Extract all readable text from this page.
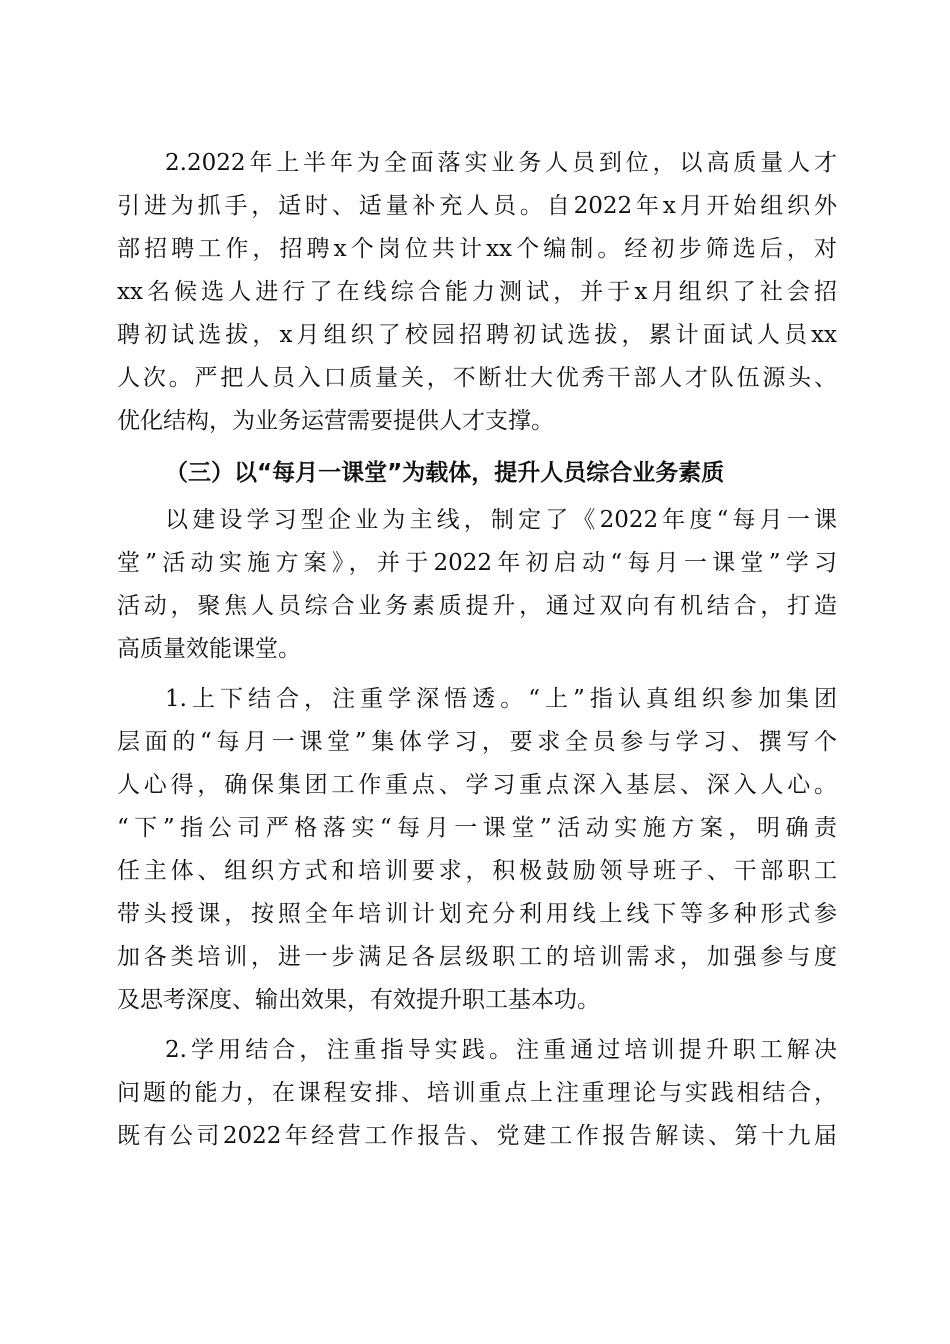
2.2022年上半年为全面落实业务人员到位，以高质量人才
引进为抓手，适时、适量补充人员。自2022年x月开始组织外
部招聘工作，招聘x个岗位共计xx个编制。经初步筛选后，对
xx名候选人进行了在线综合能力测试，并于x月组织了社会招
聘初试选拔，x月组织了校园招聘初试选拔，累计面试人员xx
人次。严把人员入口质量关，不断壮大优秀干部人才队伍源头、
优化结构，为业务运营需要提供人才支撑。
（三）以“每月一课堂”为载体，提升人员综合业务素质
以建设学习型企业为主线，制定了《2022年度“每月一课
堂”活动实施方案》，并于2022年初启动“每月一课堂”学习
活动，聚焦人员综合业务素质提升，通过双向有机结合，打造
高质量效能课堂。
1.上下结合，注重学深悟透。“上”指认真组织参加集团
层面的“每月一课堂”集体学习，要求全员参与学习、撰写个
人心得，确保集团工作重点、学习重点深入基层、深入人心。
“下”指公司严格落实“每月一课堂”活动实施方案，明确责
任主体、组织方式和培训要求，积极鼓励领导班子、干部职工
带头授课，按照全年培训计划充分利用线上线下等多种形式参
加各类培训，进一步满足各层级职工的培训需求，加强参与度
及思考深度、输出效果，有效提升职工基本功。
2.学用结合，注重指导实践。注重通过培训提升职工解决
问题的能力，在课程安排、培训重点上注重理论与实践相结合，
既有公司2022年经营工作报告、党建工作报告解读、第十九届
